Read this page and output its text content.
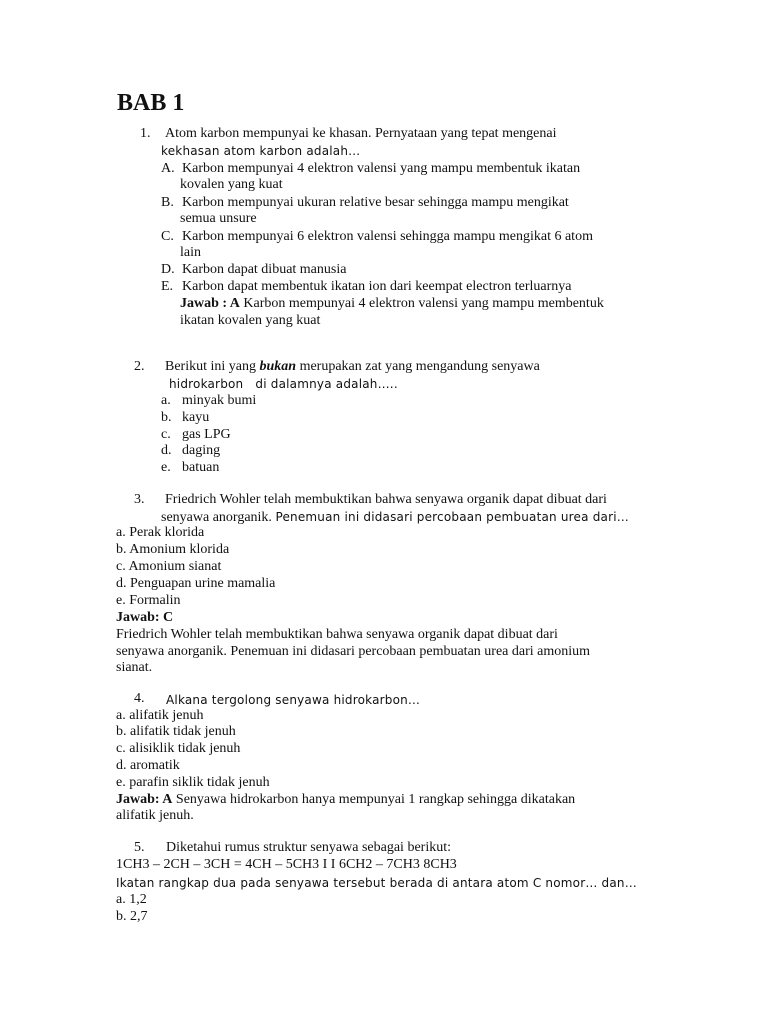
BAB 1
1. Atom karbon mempunyai ke khasan. Pernyataan yang tepat mengenai
kekhasan atom karbon adalah…
A. Karbon mempunyai 4 elektron valensi yang mampu membentuk ikatan
kovalen yang kuat
B. Karbon mempunyai ukuran relative besar sehingga mampu mengikat
semua unsure
C. Karbon mempunyai 6 elektron valensi sehingga mampu mengikat 6 atom
lain
D. Karbon dapat dibuat manusia
E. Karbon dapat membentuk ikatan ion dari keempat electron terluarnya
Jawab : A Karbon mempunyai 4 elektron valensi yang mampu membentuk
ikatan kovalen yang kuat
2. Berikut ini yang bukan merupakan zat yang mengandung senyawa
hidrokarbon   di dalamnya adalah…..
a. minyak bumi
b. kayu
c. gas LPG
d. daging
e. batuan
3. Friedrich Wohler telah membuktikan bahwa senyawa organik dapat dibuat dari
senyawa anorganik. Penemuan ini didasari percobaan pembuatan urea dari…
a. Perak klorida
b. Amonium klorida
c. Amonium sianat
d. Penguapan urine mamalia
e. Formalin
Jawab: C
Friedrich Wohler telah membuktikan bahwa senyawa organik dapat dibuat dari
senyawa anorganik. Penemuan ini didasari percobaan pembuatan urea dari amonium
sianat.
4. Alkana tergolong senyawa hidrokarbon…
a. alifatik jenuh
b. alifatik tidak jenuh
c. alisiklik tidak jenuh
d. aromatik
e. parafin siklik tidak jenuh
Jawab: A Senyawa hidrokarbon hanya mempunyai 1 rangkap sehingga dikatakan
alifatik jenuh.
5. Diketahui rumus struktur senyawa sebagai berikut:
1CH3 – 2CH – 3CH = 4CH – 5CH3 I I 6CH2 – 7CH3 8CH3
Ikatan rangkap dua pada senyawa tersebut berada di antara atom C nomor… dan…
a. 1,2
b. 2,7
